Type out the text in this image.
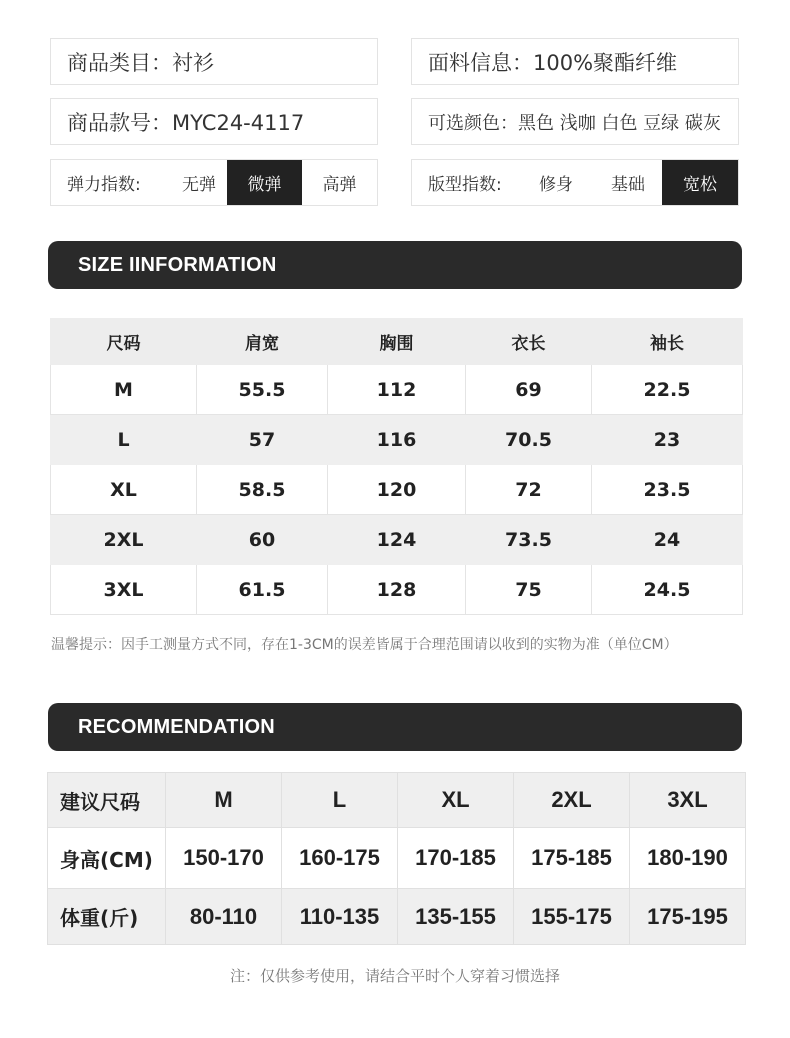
商品类目：衬衫	面料信息：100%聚酯纤维
商品款号：MYC24-4117	可选颜色：黑色 浅咖 白色 豆绿 碳灰
弹力指数:	无弹	微弹	高弹	版型指数:	修身	基础	宽松
SIZE IINFORMATION
尺码	肩宽	胸围	衣长	袖长
M	55.5	112	69	22.5
L	57	116	70.5	23
XL	58.5	120	72	23.5
2XL	60	124	73.5	24
3XL	61.5	128	75	24.5
温馨提示：因手工测量方式不同，存在1-3CM的误差皆属于合理范围请以收到的实物为准（单位CM）
RECOMMENDATION
建议尺码	M	L	XL	2XL	3XL
身高(CM)	150-170	160-175	170-185	175-185	180-190
体重(斤)	80-110	110-135	135-155	155-175	175-195
注：仅供参考使用，请结合平时个人穿着习惯选择
